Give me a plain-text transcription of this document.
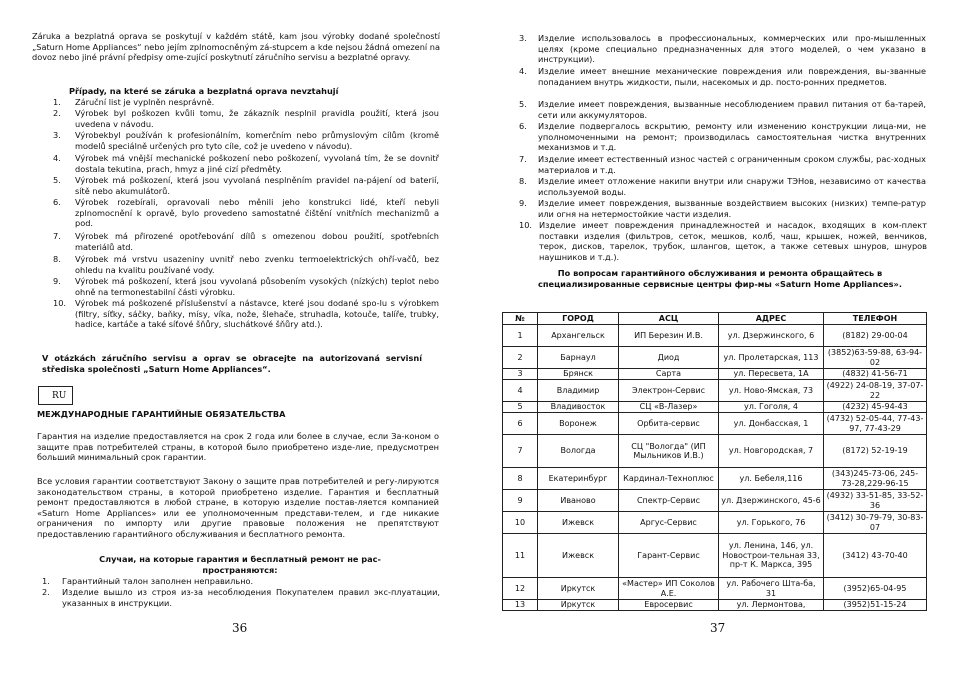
Záruka a bezplatná oprava se poskytují v každém státě, kam jsou výrobky dodané společností „Saturn Home Appliances“ nebo jejím zplnomocněným zá-stupcem a kde nejsou žádná omezení na dovoz nebo jiné právní předpisy ome-zující poskytnutí záručního servisu a bezplatné opravy.

Případy, na které se záruka a bezplatná oprava nevztahují

1. Záruční list je vyplněn nesprávně.
2. Výrobek byl poškozen kvůli tomu, že zákazník nesplnil pravidla použití, která jsou uvedena v návodu.
3. Výrobekbyl používán k profesionálním, komerčním nebo průmyslovým cílům (kromě modelů speciálně určených pro tyto cíle, což je uvedeno v návodu).
4. Výrobek má vnější mechanické poškození nebo poškození, vyvolaná tím, že se dovnitř dostala tekutina, prach, hmyz a jiné cizí předměty.
5. Výrobek má poškození, která jsou vyvolaná nesplněním pravidel na-pájení od baterií, sítě nebo akumulátorů.
6. Výrobek rozebírali, opravovali nebo měnili jeho konstrukci lidé, kteří nebyli zplnomocnění k opravě, bylo provedeno samostatné čištění vnitřních mechanizmů a pod.
7. Výrobek má přirozené opotřebování dílů s omezenou dobou použití, spotřebních materiálů atd.
8. Výrobek má vrstvu usazeniny uvnitř nebo zvenku termoelektrických ohří-vačů, bez ohledu na kvalitu používané vody.
9. Výrobek má poškození, která jsou vyvolaná působením vysokých (nízkých) teplot nebo ohně na termonestabilní části výrobku.
10. Výrobek má poškozené příslušenství a nástavce, které jsou dodané spo-lu s výrobkem (filtry, síťky, sáčky, baňky, mísy, víka, nože, šlehače, struhadla, kotouče, talíře, trubky, hadice, kartáče a také síťové šňůry, sluchátkové šňůry atd.).

V otázkách záručního servisu a oprav se obracejte na autorizovaná servisní střediska společnosti „Saturn Home Appliances“.

RU

МЕЖДУНАРОДНЫЕ ГАРАНТИЙНЫЕ ОБЯЗАТЕЛЬСТВА

Гарантия на изделие предоставляется на срок 2 года или более в случае, если За-коном о защите прав потребителей страны, в которой было приобретено изде-лие, предусмотрен больший минимальный срок гарантии.

Все условия гарантии соответствуют Закону о защите прав потребителей и регу-лируются законодательством страны, в которой приобретено изделие. Гарантия и бесплатный ремонт предоставляются в любой стране, в которую изделие постав-ляется компанией «Saturn Home Appliances» или ее уполномоченным представи-телем, и где никакие ограничения по импорту или другие правовые положения не препятствуют предоставлению гарантийного обслуживания и бесплатного ремонта.

Случаи, на которые гарантия и бесплатный ремонт не рас-пространяются:

1. Гарантийный талон заполнен неправильно.
2. Изделие вышло из строя из-за несоблюдения Покупателем правил экс-плуатации, указанных в инструкции.
36
3. Изделие использовалось в профессиональных, коммерческих или про-мышленных целях (кроме специально предназначенных для этого моделей, о чем указано в инструкции).
4. Изделие имеет внешние механические повреждения или повреждения, вы-званные попаданием внутрь жидкости, пыли, насекомых и др. посто-ронних предметов.
5. Изделие имеет повреждения, вызванные несоблюдением правил питания от ба-тарей, сети или аккумуляторов.
6. Изделие подвергалось вскрытию, ремонту или изменению конструкции лица-ми, не уполномоченными на ремонт; производилась самостоятельная чистка внутренних механизмов и т.д.
7. Изделие имеет естественный износ частей с ограниченным сроком службы, рас-ходных материалов и т.д.
8. Изделие имеет отложение накипи внутри или снаружи ТЭНов, независимо от качества используемой воды.
9. Изделие имеет повреждения, вызванные воздействием высоких (низких) темпе-ратур или огня на нетермостойкие части изделия.
10. Изделие имеет повреждения принадлежностей и насадок, входящих в ком-плект поставки изделия (фильтров, сеток, мешков, колб, чаш, крышек, ножей, венчиков, терок, дисков, тарелок, трубок, шлангов, щеток, а также сетевых шнуров, шнуров наушников и т.д.).

По вопросам гарантийного обслуживания и ремонта обращайтесь в специализированные сервисные центры фир-мы «Saturn Home Appliances».

37
№	ГОРОД	АСЦ	АДРЕС	ТЕЛЕФОН
1	Архангельск	ИП Березин И.В.	ул. Дзержинского, 6	(8182) 29-00-04
2	Барнаул	Диод	ул. Пролетарская, 113	(3852)63-59-88, 63-94-02
3	Брянск	Сарта	ул. Пересвета, 1А	(4832) 41-56-71
4	Владимир	Электрон-Сервис	ул. Ново-Ямская, 73	(4922) 24-08-19, 37-07-22
5	Владивосток	СЦ «В-Лазер»	ул. Гоголя, 4	(4232) 45-94-43
6	Воронеж	Орбита-сервис	ул. Донбасская, 1	(4732) 52-05-44, 77-43-97, 77-43-29
7	Вологда	СЦ "Вологда" (ИП Мыльников И.В.)	ул. Новгородская, 7	(8172) 52-19-19
8	Екатеринбург	Кардинал-Техноплюс	ул. Бебеля,116	(343)245-73-06, 245-73-28,229-96-15
9	Иваново	Спектр-Сервис	ул. Дзержинского, 45-6	(4932) 33-51-85, 33-52-36
10	Ижевск	Аргус-Сервис	ул. Горького, 76	(3412) 30-79-79, 30-83-07
11	Ижевск	Гарант-Сервис	ул. Ленина, 146, ул. Новострои-тельная 33, пр-т К. Маркса, 395	(3412) 43-70-40
12	Иркутск	«Мастер» ИП Соколов А.Е.	ул. Рабочего Шта-ба, 31	(3952)65-04-95
13	Иркутск	Евросервис	ул. Лермонтова,	(3952)51-15-24
